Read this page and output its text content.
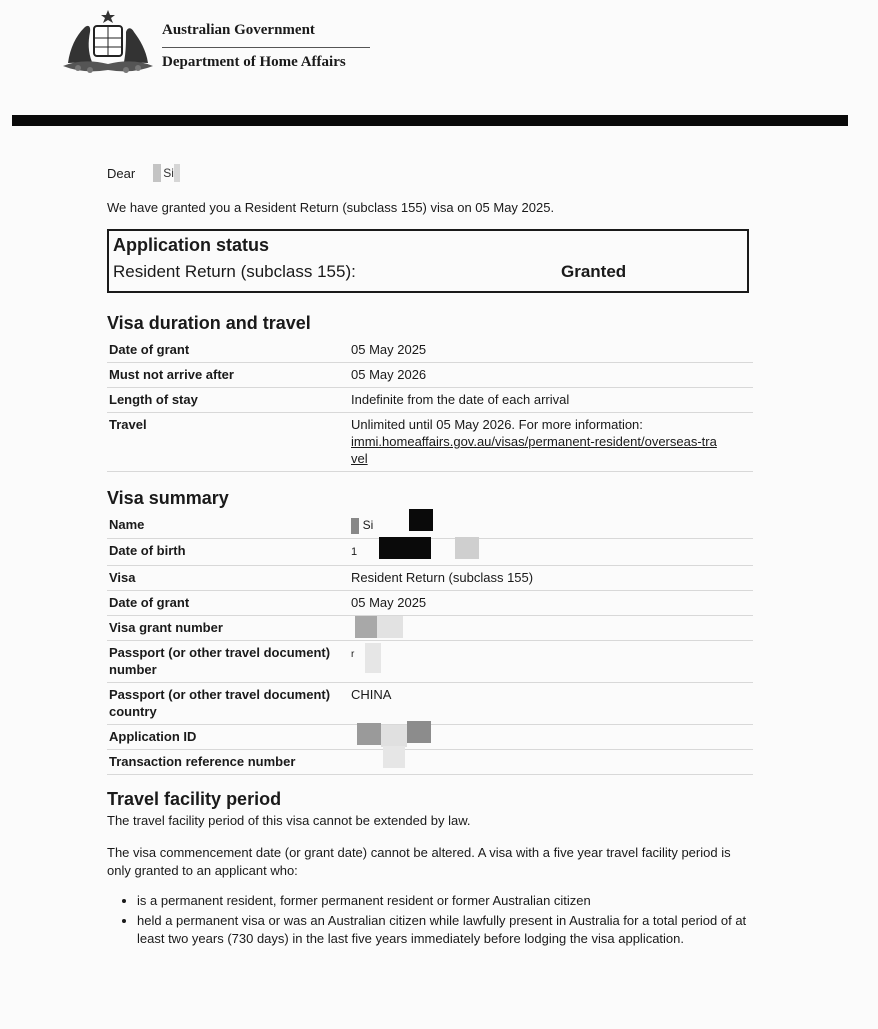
Australian Government
Department of Home Affairs
Dear Si
We have granted you a Resident Return (subclass 155) visa on 05 May 2025.
Application status
Resident Return (subclass 155):	Granted
Visa duration and travel
Date of grant	05 May 2025
Must not arrive after	05 May 2026
Length of stay	Indefinite from the date of each arrival
Travel	Unlimited until 05 May 2026. For more information:
immi.homeaffairs.gov.au/visas/permanent-resident/overseas-travel
Visa summary
Name	Si

Date of birth	1

Visa	Resident Return (subclass 155)
Date of grant	05 May 2025
Visa grant number	

Passport (or other travel document) number	r

Passport (or other travel document) country	CHINA
Application ID	

Transaction reference number	
Travel facility period
The travel facility period of this visa cannot be extended by law.
The visa commencement date (or grant date) cannot be altered. A visa with a five year travel facility period is only granted to an applicant who:
• is a permanent resident, former permanent resident or former Australian citizen
• held a permanent visa or was an Australian citizen while lawfully present in Australia for a total period of at least two years (730 days) in the last five years immediately before lodging the visa application.
